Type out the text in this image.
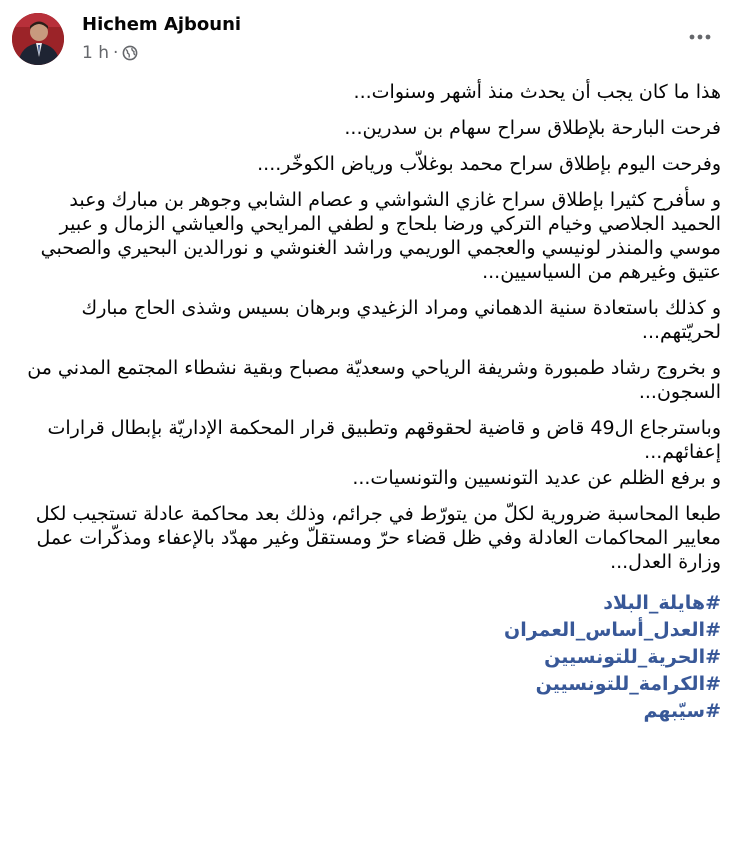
Hichem Ajbouni
1 h ·

هذا ما كان يجب أن يحدث منذ أشهر وسنوات...

فرحت البارحة بلإطلاق سراح سهام بن سدرين...

وفرحت اليوم بإطلاق سراح محمد بوغلاّب ورياض الكوخّر....

و سأفرح كثيرا بإطلاق سراح غازي الشواشي و عصام الشابي وجوهر بن مبارك وعبد الحميد الجلاصي وخيام التركي ورضا بلحاج و لطفي المرايحي والعياشي الزمال و عبير موسي والمنذر لونيسي والعجمي الوريمي وراشد الغنوشي و نورالدين البحيري والصحبي عتيق وغيرهم من السياسيين...

و كذلك باستعادة سنية الدهماني ومراد الزغيدي وبرهان بسيس وشذى الحاج مبارك لحريّتهم...

و بخروج رشاد طمبورة وشريفة الرياحي وسعديّة مصباح وبقية نشطاء المجتمع المدني من السجون...

وباسترجاع ال49 قاض و قاضية لحقوقهم وتطبيق قرار المحكمة الإداريّة بإبطال قرارات إعفائهم...

و برفع الظلم عن عديد التونسيين والتونسيات...

طبعا المحاسبة ضرورية لكلّ من يتورّط في جرائم، وذلك بعد محاكمة عادلة تستجيب لكل معايير المحاكمات العادلة وفي ظل قضاء حرّ ومستقلّ وغير مهدّد بالإعفاء ومذكّرات عمل وزارة العدل...

#هايلة_البلاد
#العدل_أساس_العمران
#الحرية_للتونسيين
#الكرامة_للتونسيين
#سيّبهم
